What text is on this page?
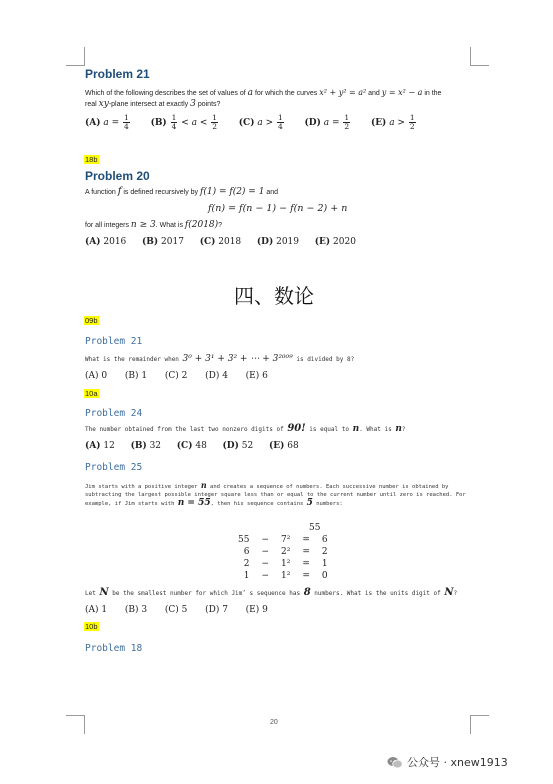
Problem 21
Which of the following describes the set of values of a for which the curves x² + y² = a² and y = x² − a in the
real xy-plane intersect at exactly 3 points?
(A) $a = \frac{1}{4} (B) \frac{1}{4} < a < \frac{1}{2} (C) a > \frac{1}{4} (D) a = \frac{1}{2} (E) a > \frac{1}{2}$
18b
Problem 20
A function f is defined recursively by f(1) = f(2) = 1 and
f(n) = f(n − 1) − f(n − 2) + n
for all integers n ≥ 3. What is f(2018)?
(A) 2016 (B) 2017 (C) 2018 (D) 2019 (E) 2020
四、数论
09b
Problem 21
What is the remainder when 3⁰ + 3¹ + 3² + ⋯ + 3²⁰⁰⁹ is divided by 8?
(A) 0 (B) 1 (C) 2 (D) 4 (E) 6
10a
Problem 24
The number obtained from the last two nonzero digits of 90! is equal to n. What is n?
(A) 12 (B) 32 (C) 48 (D) 52 (E) 68
Problem 25
Jim starts with a positive integer n and creates a sequence of numbers. Each successive number is obtained by
subtracting the largest possible integer square less than or equal to the current number until zero is reached. For
example, if Jim starts with n = 55, then his sequence contains 5 numbers:
55
55	−	7²	=	6
6	−	2²	=	2
2	−	1²	=	1
1	−	1²	=	0
Let N be the smallest number for which Jim’ s sequence has 8 numbers. What is the units digit of N?
(A) 1 (B) 3 (C) 5 (D) 7 (E) 9
10b
Problem 18
20
公众号 · xnew1913
